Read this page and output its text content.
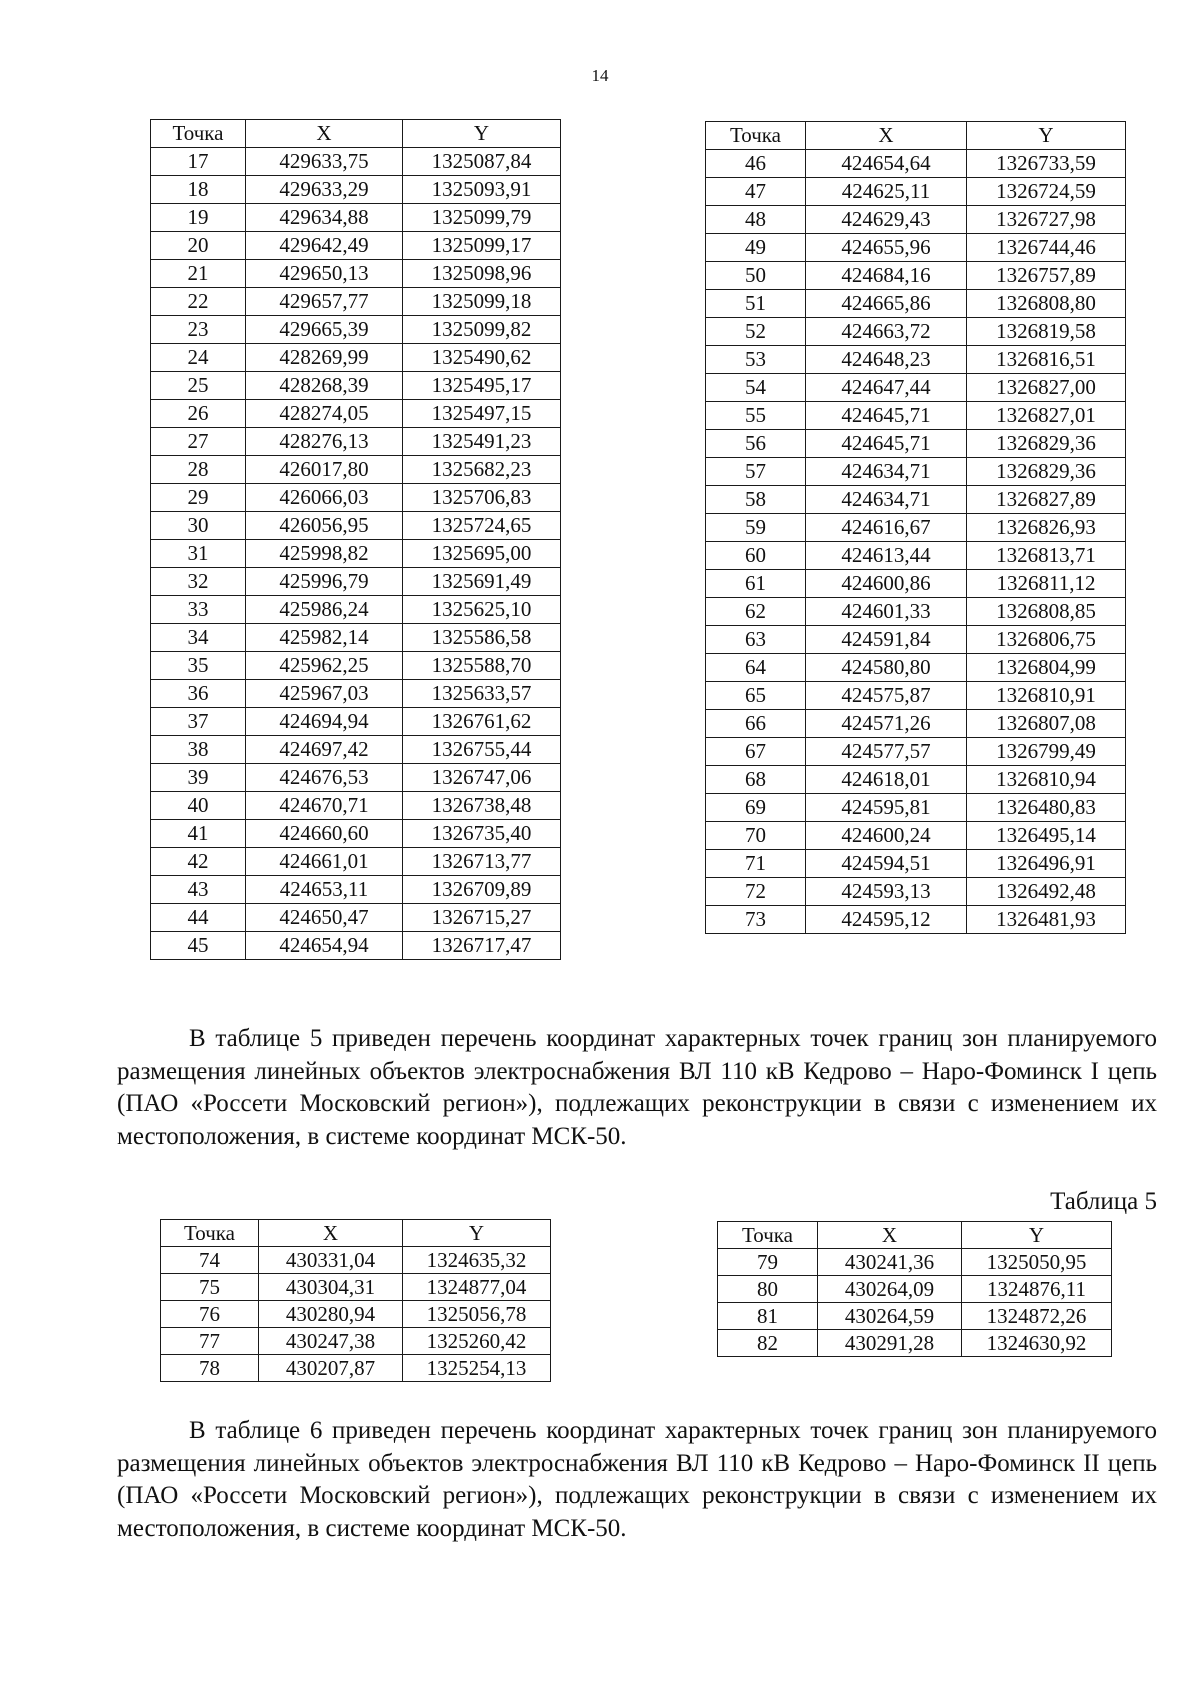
14
Точка	X	Y
17	429633,75	1325087,84
18	429633,29	1325093,91
19	429634,88	1325099,79
20	429642,49	1325099,17
21	429650,13	1325098,96
22	429657,77	1325099,18
23	429665,39	1325099,82
24	428269,99	1325490,62
25	428268,39	1325495,17
26	428274,05	1325497,15
27	428276,13	1325491,23
28	426017,80	1325682,23
29	426066,03	1325706,83
30	426056,95	1325724,65
31	425998,82	1325695,00
32	425996,79	1325691,49
33	425986,24	1325625,10
34	425982,14	1325586,58
35	425962,25	1325588,70
36	425967,03	1325633,57
37	424694,94	1326761,62
38	424697,42	1326755,44
39	424676,53	1326747,06
40	424670,71	1326738,48
41	424660,60	1326735,40
42	424661,01	1326713,77
43	424653,11	1326709,89
44	424650,47	1326715,27
45	424654,94	1326717,47
Точка	X	Y
46	424654,64	1326733,59
47	424625,11	1326724,59
48	424629,43	1326727,98
49	424655,96	1326744,46
50	424684,16	1326757,89
51	424665,86	1326808,80
52	424663,72	1326819,58
53	424648,23	1326816,51
54	424647,44	1326827,00
55	424645,71	1326827,01
56	424645,71	1326829,36
57	424634,71	1326829,36
58	424634,71	1326827,89
59	424616,67	1326826,93
60	424613,44	1326813,71
61	424600,86	1326811,12
62	424601,33	1326808,85
63	424591,84	1326806,75
64	424580,80	1326804,99
65	424575,87	1326810,91
66	424571,26	1326807,08
67	424577,57	1326799,49
68	424618,01	1326810,94
69	424595,81	1326480,83
70	424600,24	1326495,14
71	424594,51	1326496,91
72	424593,13	1326492,48
73	424595,12	1326481,93

В таблице 5 приведен перечень координат характерных точек границ зон планируемого размещения линейных объектов электроснабжения ВЛ 110 кВ Кедрово – Наро-Фоминск I цепь (ПАО «Россети Московский регион»), подлежащих реконструкции в связи с изменением их местоположения, в системе координат МСК-50.

Таблица 5
Точка	X	Y
74	430331,04	1324635,32
75	430304,31	1324877,04
76	430280,94	1325056,78
77	430247,38	1325260,42
78	430207,87	1325254,13
Точка	X	Y
79	430241,36	1325050,95
80	430264,09	1324876,11
81	430264,59	1324872,26
82	430291,28	1324630,92

В таблице 6 приведен перечень координат характерных точек границ зон планируемого размещения линейных объектов электроснабжения ВЛ 110 кВ Кедрово – Наро-Фоминск II цепь (ПАО «Россети Московский регион»), подлежащих реконструкции в связи с изменением их местоположения, в системе координат МСК-50.
